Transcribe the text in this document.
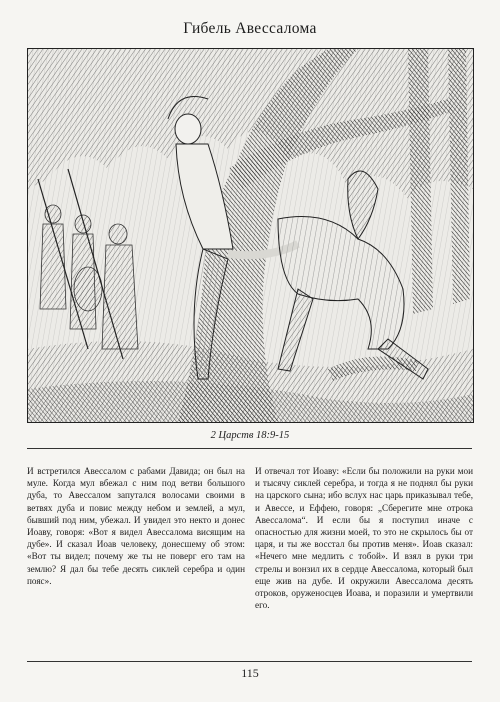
Гибель Авессалома
2 Царств 18:9-15
И встретился Авессалом с рабами Давида; он был на муле. Когда мул вбежал с ним под ветви большого дуба, то Авессалом запутался волосами своими в ветвях дуба и повис между небом и землей, а мул, бывший под ним, убежал. И увидел это некто и донес Иоаву, говоря: «Вот я видел Авессалома висящим на дубе». И сказал Иоав человеку, донесшему об этом: «Вот ты видел; почему же ты не поверг его там на землю? Я дал бы тебе десять сиклей серебра и один пояс».
И отвечал тот Иоаву: «Если бы положили на руки мои и тысячу сиклей серебра, и тогда я не поднял бы руки на царского сына; ибо вслух нас царь приказывал тебе, и Авессе, и Еффею, говоря: „Сберегите мне отрока Авессалома“. И если бы я поступил иначе с опасностью для жизни моей, то это не скрылось бы от царя, и ты же восстал бы против меня». Иоав сказал: «Нечего мне медлить с тобой». И взял в руки три стрелы и вонзил их в сердце Авессалома, который был еще жив на дубе. И окружили Авессалома десять отроков, оруженосцев Иоава, и поразили и умертвили его.
115
